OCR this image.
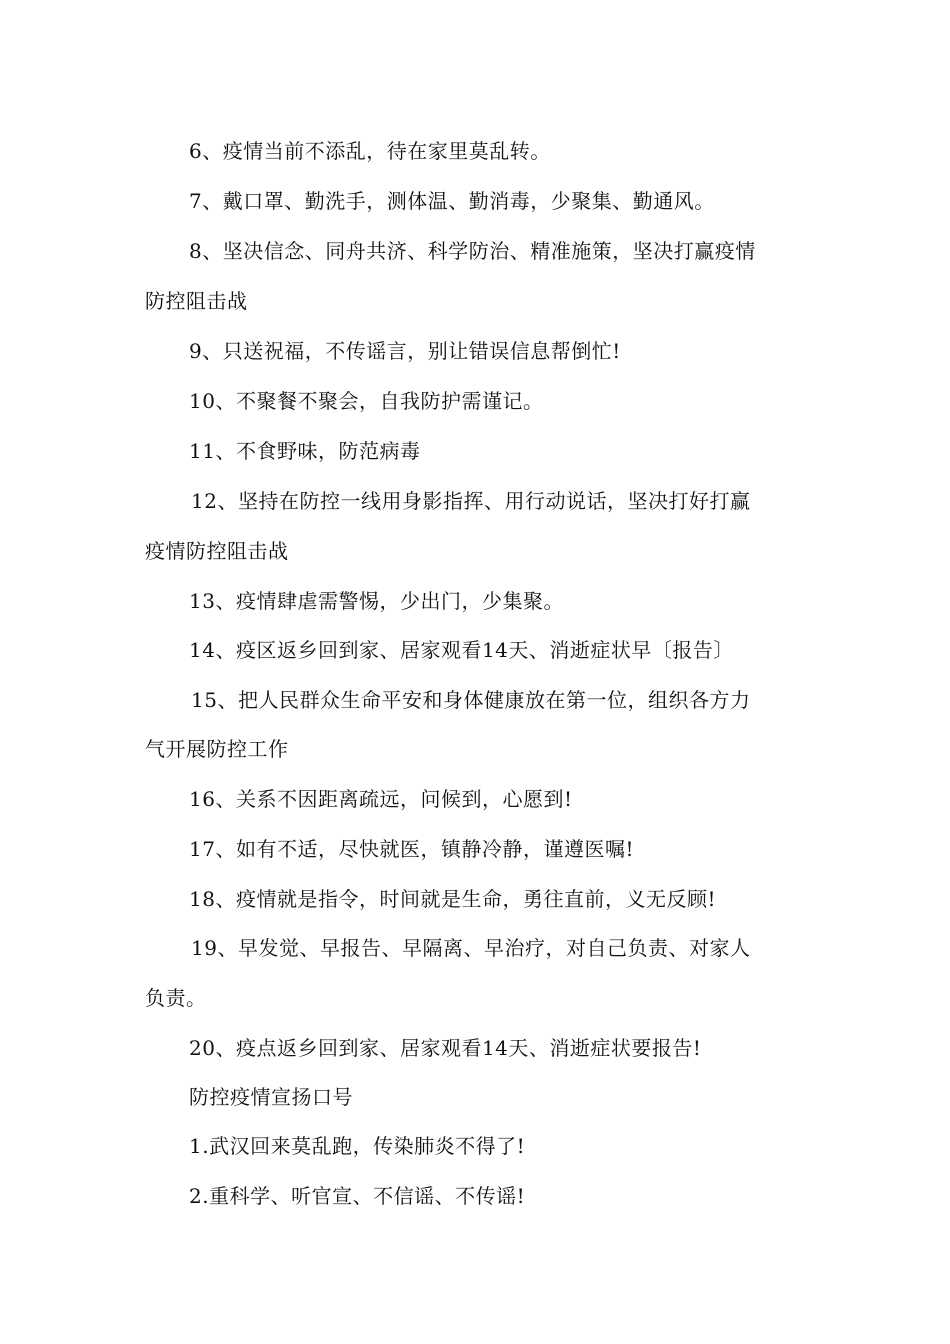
6、疫情当前不添乱，待在家里莫乱转。
7、戴口罩、勤洗手，测体温、勤消毒，少聚集、勤通风。
8、坚决信念、同舟共济、科学防治、精准施策，坚决打赢疫情
防控阻击战
9、只送祝福，不传谣言，别让错误信息帮倒忙!
10、不聚餐不聚会，自我防护需谨记。
11、不食野味，防范病毒
12、坚持在防控一线用身影指挥、用行动说话，坚决打好打赢
疫情防控阻击战
13、疫情肆虐需警惕，少出门，少集聚。
14、疫区返乡回到家、居家观看14天、消逝症状早〔报告〕
15、把人民群众生命平安和身体健康放在第一位，组织各方力
气开展防控工作
16、关系不因距离疏远，问候到，心愿到!
17、如有不适，尽快就医，镇静冷静，谨遵医嘱!
18、疫情就是指令，时间就是生命，勇往直前，义无反顾!
19、早发觉、早报告、早隔离、早治疗，对自己负责、对家人
负责。
20、疫点返乡回到家、居家观看14天、消逝症状要报告!
防控疫情宣扬口号
1.武汉回来莫乱跑，传染肺炎不得了!
2.重科学、听官宣、不信谣、不传谣!
